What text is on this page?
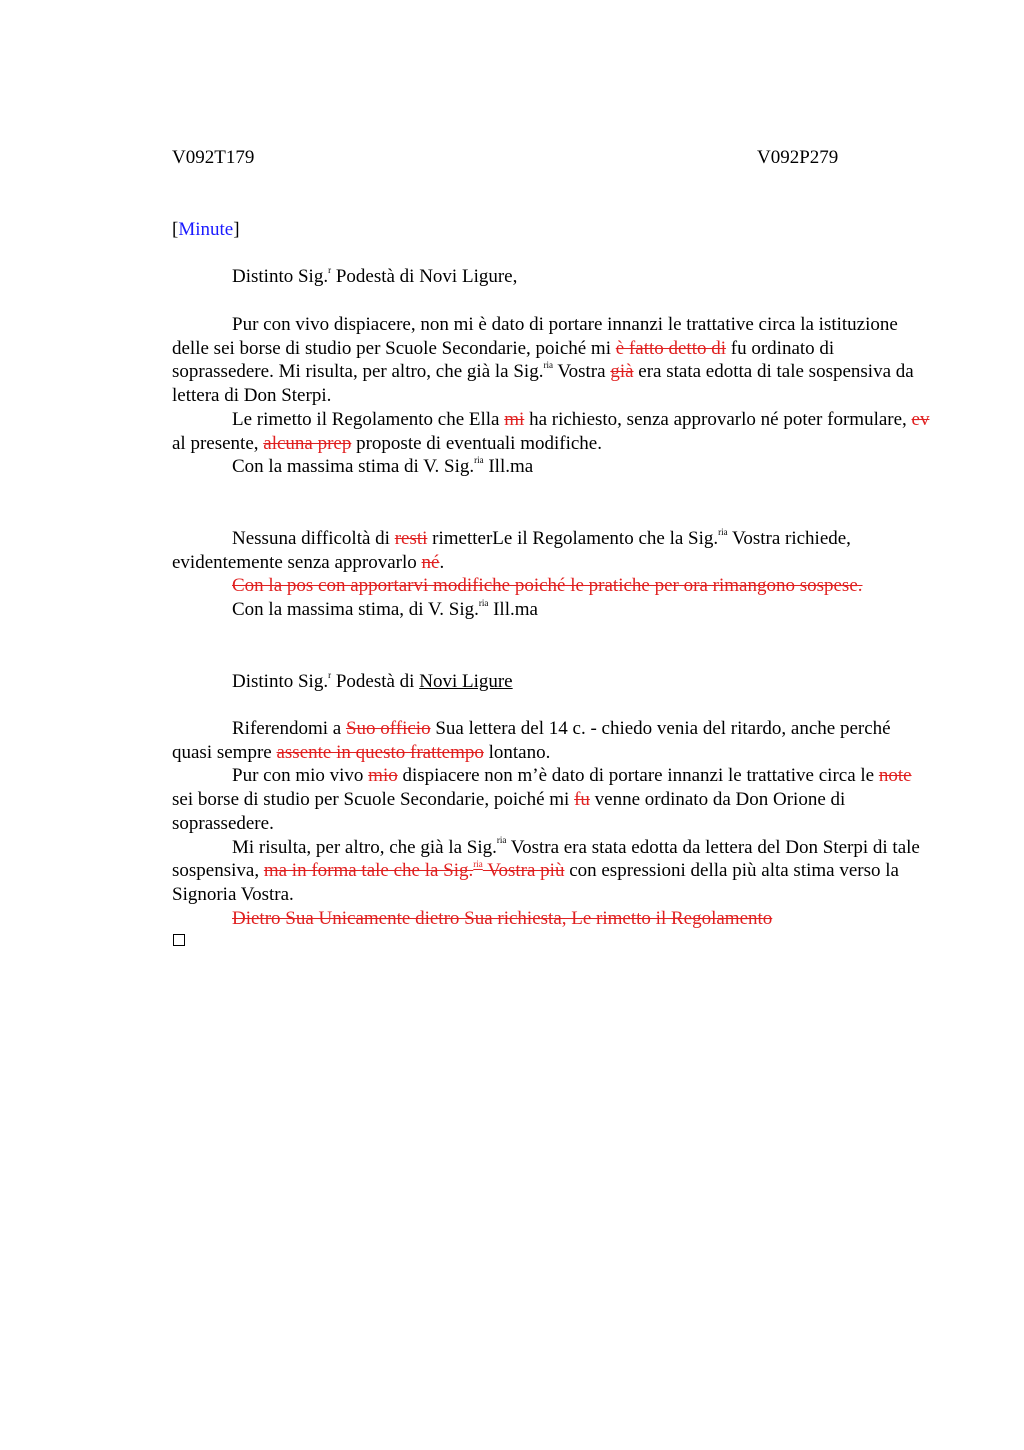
V092T179	V092P279
[Minute]

Distinto Sig.$^r$ Podestà di Novi Ligure,

Pur con vivo dispiacere, non mi è dato di portare innanzi le trattative circa la istituzione delle sei borse di studio per Scuole Secondarie, poiché mi è fatto detto di fu ordinato di soprassedere. Mi risulta, per altro, che già la Sig.$^{ria}$ Vostra già era stata edotta di tale sospensiva da lettera di Don Sterpi.

Le rimetto il Regolamento che Ella mi ha richiesto, senza approvarlo né poter formulare, ev al presente, alcuna prep proposte di eventuali modifiche.

Con la massima stima di V. Sig.$^{ria}$ Ill.ma

Nessuna difficoltà di resti rimetterLe il Regolamento che la Sig.$^{ria}$ Vostra richiede, evidentemente senza approvarlo né.

Con la pos con apportarvi modifiche poiché le pratiche per ora rimangono sospese.

Con la massima stima, di V. Sig.$^{ria}$ Ill.ma

Distinto Sig.$^r$ Podestà di Novi Ligure

Riferendomi a Suo officio Sua lettera del 14 c. - chiedo venia del ritardo, anche perché quasi sempre assente in questo frattempo lontano.

Pur con mio vivo mio dispiacere non m’è dato di portare innanzi le trattative circa le note sei borse di studio per Scuole Secondarie, poiché mi fu venne ordinato da Don Orione di soprassedere.

Mi risulta, per altro, che già la Sig.$^{ria}$ Vostra era stata edotta da lettera del Don Sterpi di tale sospensiva, ma in forma tale che la Sig.$^{ria}$ Vostra più con espressioni della più alta stima verso la Signoria Vostra.

Dietro Sua Unicamente dietro Sua richiesta, Le rimetto il Regolamento
